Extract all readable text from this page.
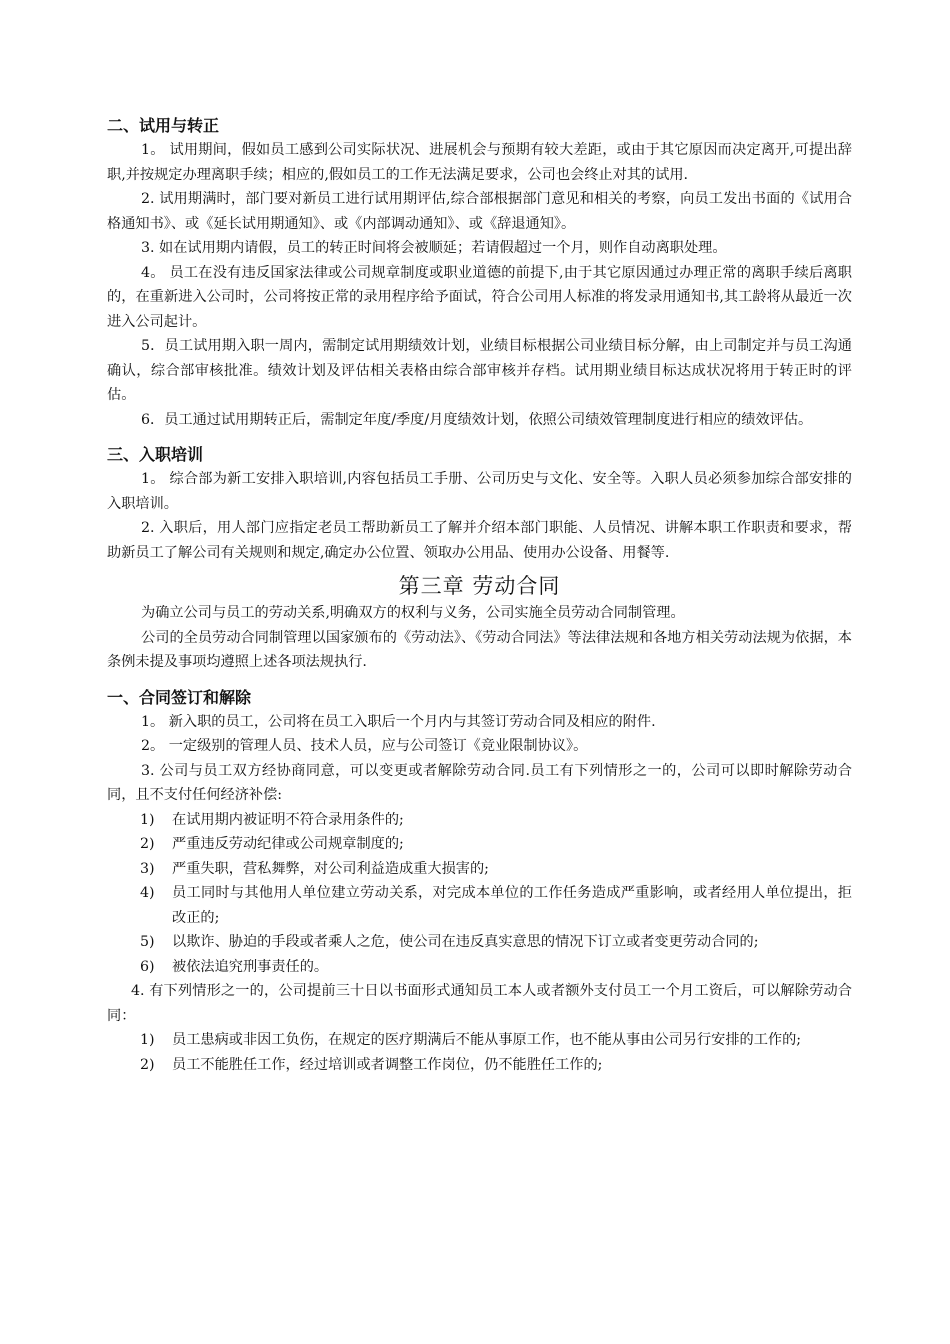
二、试用与转正

1。 试用期间，假如员工感到公司实际状况、进展机会与预期有较大差距，或由于其它原因而决定离开,可提出辞职,并按规定办理离职手续；相应的,假如员工的工作无法满足要求，公司也会终止对其的试用.

2. 试用期满时，部门要对新员工进行试用期评估,综合部根据部门意见和相关的考察，向员工发出书面的《试用合格通知书》、或《延长试用期通知》、或《内部调动通知》、或《辞退通知》。

3. 如在试用期内请假，员工的转正时间将会被顺延；若请假超过一个月，则作自动离职处理。

4。 员工在没有违反国家法律或公司规章制度或职业道德的前提下,由于其它原因通过办理正常的离职手续后离职的，在重新进入公司时，公司将按正常的录用程序给予面试，符合公司用人标准的将发录用通知书,其工龄将从最近一次进入公司起计。

5．员工试用期入职一周内，需制定试用期绩效计划，业绩目标根据公司业绩目标分解，由上司制定并与员工沟通确认，综合部审核批准。绩效计划及评估相关表格由综合部审核并存档。试用期业绩目标达成状况将用于转正时的评估。

6．员工通过试用期转正后，需制定年度/季度/月度绩效计划，依照公司绩效管理制度进行相应的绩效评估。

三、入职培训

1。 综合部为新工安排入职培训,内容包括员工手册、公司历史与文化、安全等。入职人员必须参加综合部安排的入职培训。

2. 入职后，用人部门应指定老员工帮助新员工了解并介绍本部门职能、人员情况、讲解本职工作职责和要求，帮助新员工了解公司有关规则和规定,确定办公位置、领取办公用品、使用办公设备、用餐等.

第三章 劳动合同

为确立公司与员工的劳动关系,明确双方的权利与义务，公司实施全员劳动合同制管理。

公司的全员劳动合同制管理以国家颁布的《劳动法》、《劳动合同法》等法律法规和各地方相关劳动法规为依据，本条例未提及事项均遵照上述各项法规执行.

一、合同签订和解除

1。 新入职的员工，公司将在员工入职后一个月内与其签订劳动合同及相应的附件.

2。 一定级别的管理人员、技术人员，应与公司签订《竞业限制协议》。

3. 公司与员工双方经协商同意，可以变更或者解除劳动合同.员工有下列情形之一的，公司可以即时解除劳动合同，且不支付任何经济补偿:

1) 在试用期内被证明不符合录用条件的;
2) 严重违反劳动纪律或公司规章制度的;
3) 严重失职，营私舞弊，对公司利益造成重大损害的;
4) 员工同时与其他用人单位建立劳动关系，对完成本单位的工作任务造成严重影响，或者经用人单位提出，拒改正的;
5) 以欺诈、胁迫的手段或者乘人之危，使公司在违反真实意思的情况下订立或者变更劳动合同的;
6) 被依法追究刑事责任的。

4. 有下列情形之一的，公司提前三十日以书面形式通知员工本人或者额外支付员工一个月工资后，可以解除劳动合同：

1) 员工患病或非因工负伤，在规定的医疗期满后不能从事原工作，也不能从事由公司另行安排的工作的;
2) 员工不能胜任工作，经过培训或者调整工作岗位，仍不能胜任工作的;
